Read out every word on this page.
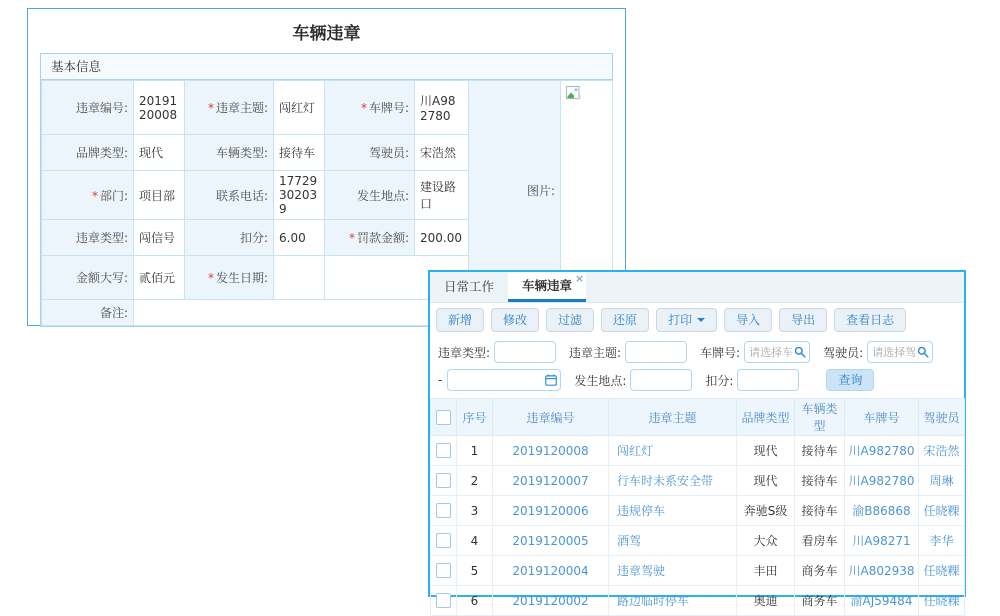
车辆违章
基本信息
违章编号:	2019120008	* 违章主题:	闯红灯	* 车牌号:	川A982780	图片:	
品牌类型:	现代	车辆类型:	接待车	驾驶员:	宋浩然		
* 部门:	项目部	联系电话:	17729302039	发生地点:	建设路口		
违章类型:	闯信号	扣分:	6.00	* 罚款金额:	200.00		
金额大写:	贰佰元	* 发生日期:					
备注:							
日常工作	车辆违章 ×
新增	修改	过滤	还原	打印	导入	导出	查看日志
违章类型:	违章主题:	车牌号:
请选择车牌号	驾驶员:
请选择驾驶员
-	发生地点:	扣分:	查询
	序号	违章编号	违章主题	品牌类型	车辆类型	车牌号	驾驶员
	1	2019120008	闯红灯	现代	接待车	川A982780	宋浩然
	2	2019120007	行车时未系安全带	现代	接待车	川A982780	周琳
	3	2019120006	违规停车	奔驰S级	接待车	渝B86868	任晓粿
	4	2019120005	酒驾	大众	看房车	川A98271	李华
	5	2019120004	违章驾驶	丰田	商务车	川A802938	任晓粿
	6	2019120002	路边临时停车	奥迪	商务车	渝AJ59484	任晓粿
